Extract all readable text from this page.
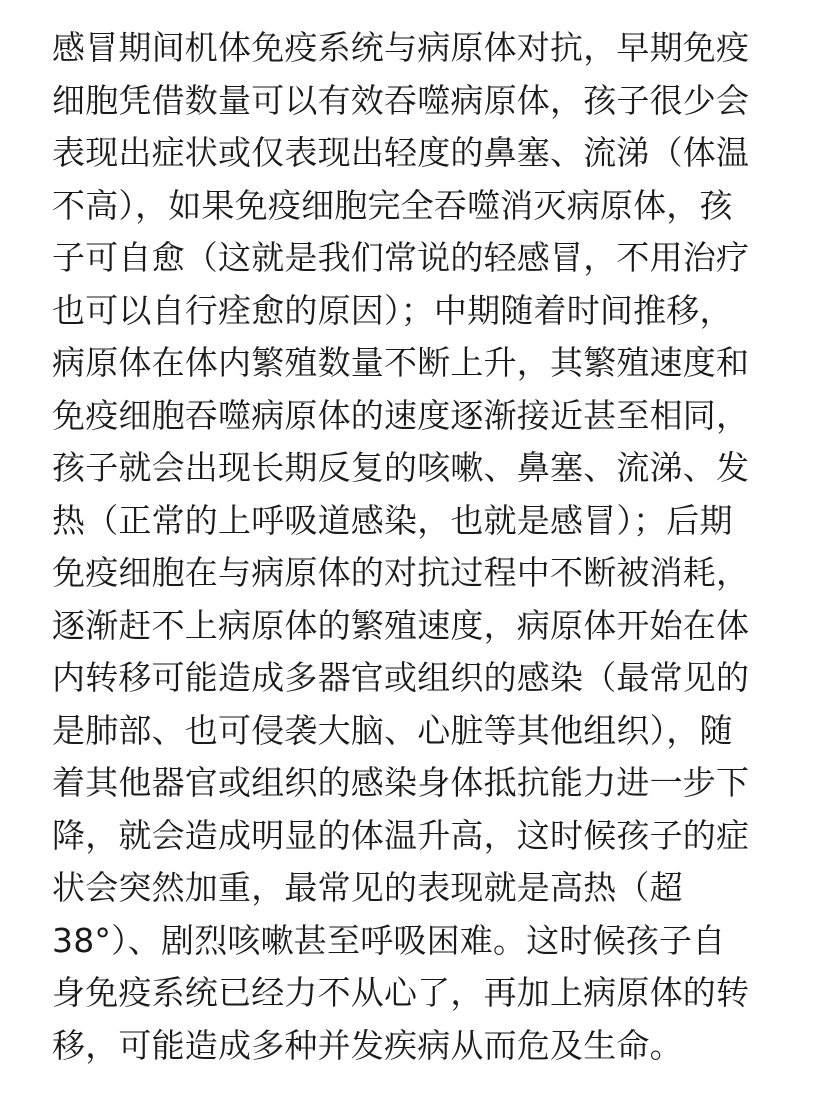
感冒期间机体免疫系统与病原体对抗，早期免疫
细胞凭借数量可以有效吞噬病原体，孩子很少会
表现出症状或仅表现出轻度的鼻塞、流涕（体温
不高），如果免疫细胞完全吞噬消灭病原体，孩
子可自愈（这就是我们常说的轻感冒，不用治疗
也可以自行痊愈的原因）；中期随着时间推移，
病原体在体内繁殖数量不断上升，其繁殖速度和
免疫细胞吞噬病原体的速度逐渐接近甚至相同，
孩子就会出现长期反复的咳嗽、鼻塞、流涕、发
热（正常的上呼吸道感染，也就是感冒）；后期
免疫细胞在与病原体的对抗过程中不断被消耗，
逐渐赶不上病原体的繁殖速度，病原体开始在体
内转移可能造成多器官或组织的感染（最常见的
是肺部、也可侵袭大脑、心脏等其他组织），随
着其他器官或组织的感染身体抵抗能力进一步下
降，就会造成明显的体温升高，这时候孩子的症
状会突然加重，最常见的表现就是高热（超
38°）、剧烈咳嗽甚至呼吸困难。这时候孩子自
身免疫系统已经力不从心了，再加上病原体的转
移，可能造成多种并发疾病从而危及生命。
